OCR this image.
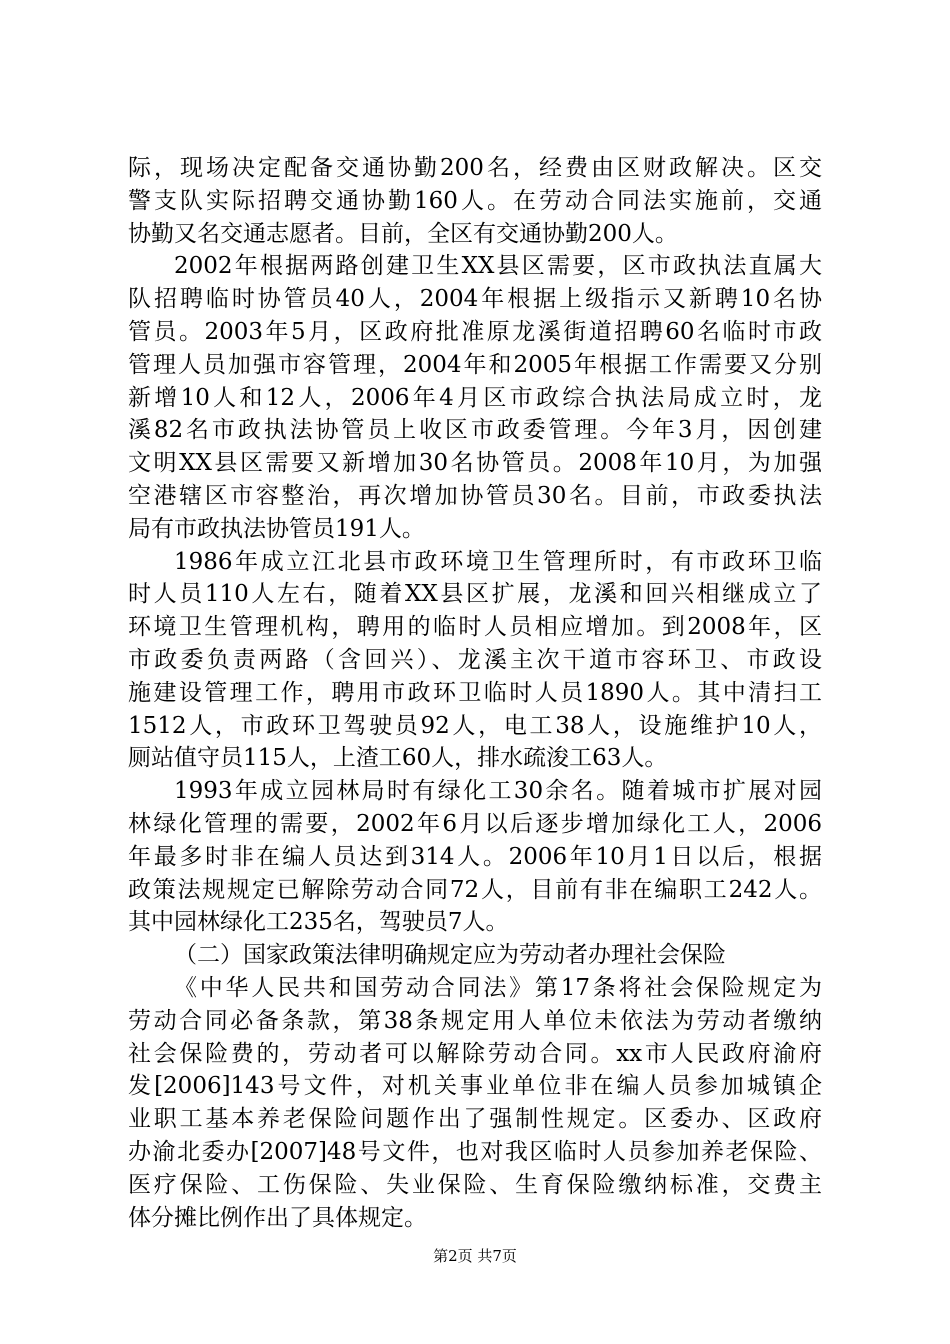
际，现场决定配备交通协勤200名，经费由区财政解决。区交
警支队实际招聘交通协勤160人。在劳动合同法实施前，交通
协勤又名交通志愿者。目前，全区有交通协勤200人。
2002年根据两路创建卫生XX县区需要，区市政执法直属大
队招聘临时协管员40人，2004年根据上级指示又新聘10名协
管员。2003年5月，区政府批准原龙溪街道招聘60名临时市政
管理人员加强市容管理，2004年和2005年根据工作需要又分别
新增10人和12人，2006年4月区市政综合执法局成立时，龙
溪82名市政执法协管员上收区市政委管理。今年3月，因创建
文明XX县区需要又新增加30名协管员。2008年10月，为加强
空港辖区市容整治，再次增加协管员30名。目前，市政委执法
局有市政执法协管员191人。
1986年成立江北县市政环境卫生管理所时，有市政环卫临
时人员110人左右，随着XX县区扩展，龙溪和回兴相继成立了
环境卫生管理机构，聘用的临时人员相应增加。到2008年，区
市政委负责两路（含回兴）、龙溪主次干道市容环卫、市政设
施建设管理工作，聘用市政环卫临时人员1890人。其中清扫工
1512人，市政环卫驾驶员92人，电工38人，设施维护10人，
厕站值守员115人，上渣工60人，排水疏浚工63人。
1993年成立园林局时有绿化工30余名。随着城市扩展对园
林绿化管理的需要，2002年6月以后逐步增加绿化工人，2006
年最多时非在编人员达到314人。2006年10月1日以后，根据
政策法规规定已解除劳动合同72人，目前有非在编职工242人。
其中园林绿化工235名，驾驶员7人。
（二）国家政策法律明确规定应为劳动者办理社会保险
《中华人民共和国劳动合同法》第17条将社会保险规定为
劳动合同必备条款，第38条规定用人单位未依法为劳动者缴纳
社会保险费的，劳动者可以解除劳动合同。xx市人民政府渝府
发[2006]143号文件，对机关事业单位非在编人员参加城镇企
业职工基本养老保险问题作出了强制性规定。区委办、区政府
办渝北委办[2007]48号文件，也对我区临时人员参加养老保险、
医疗保险、工伤保险、失业保险、生育保险缴纳标准，交费主
体分摊比例作出了具体规定。
第2页 共7页
